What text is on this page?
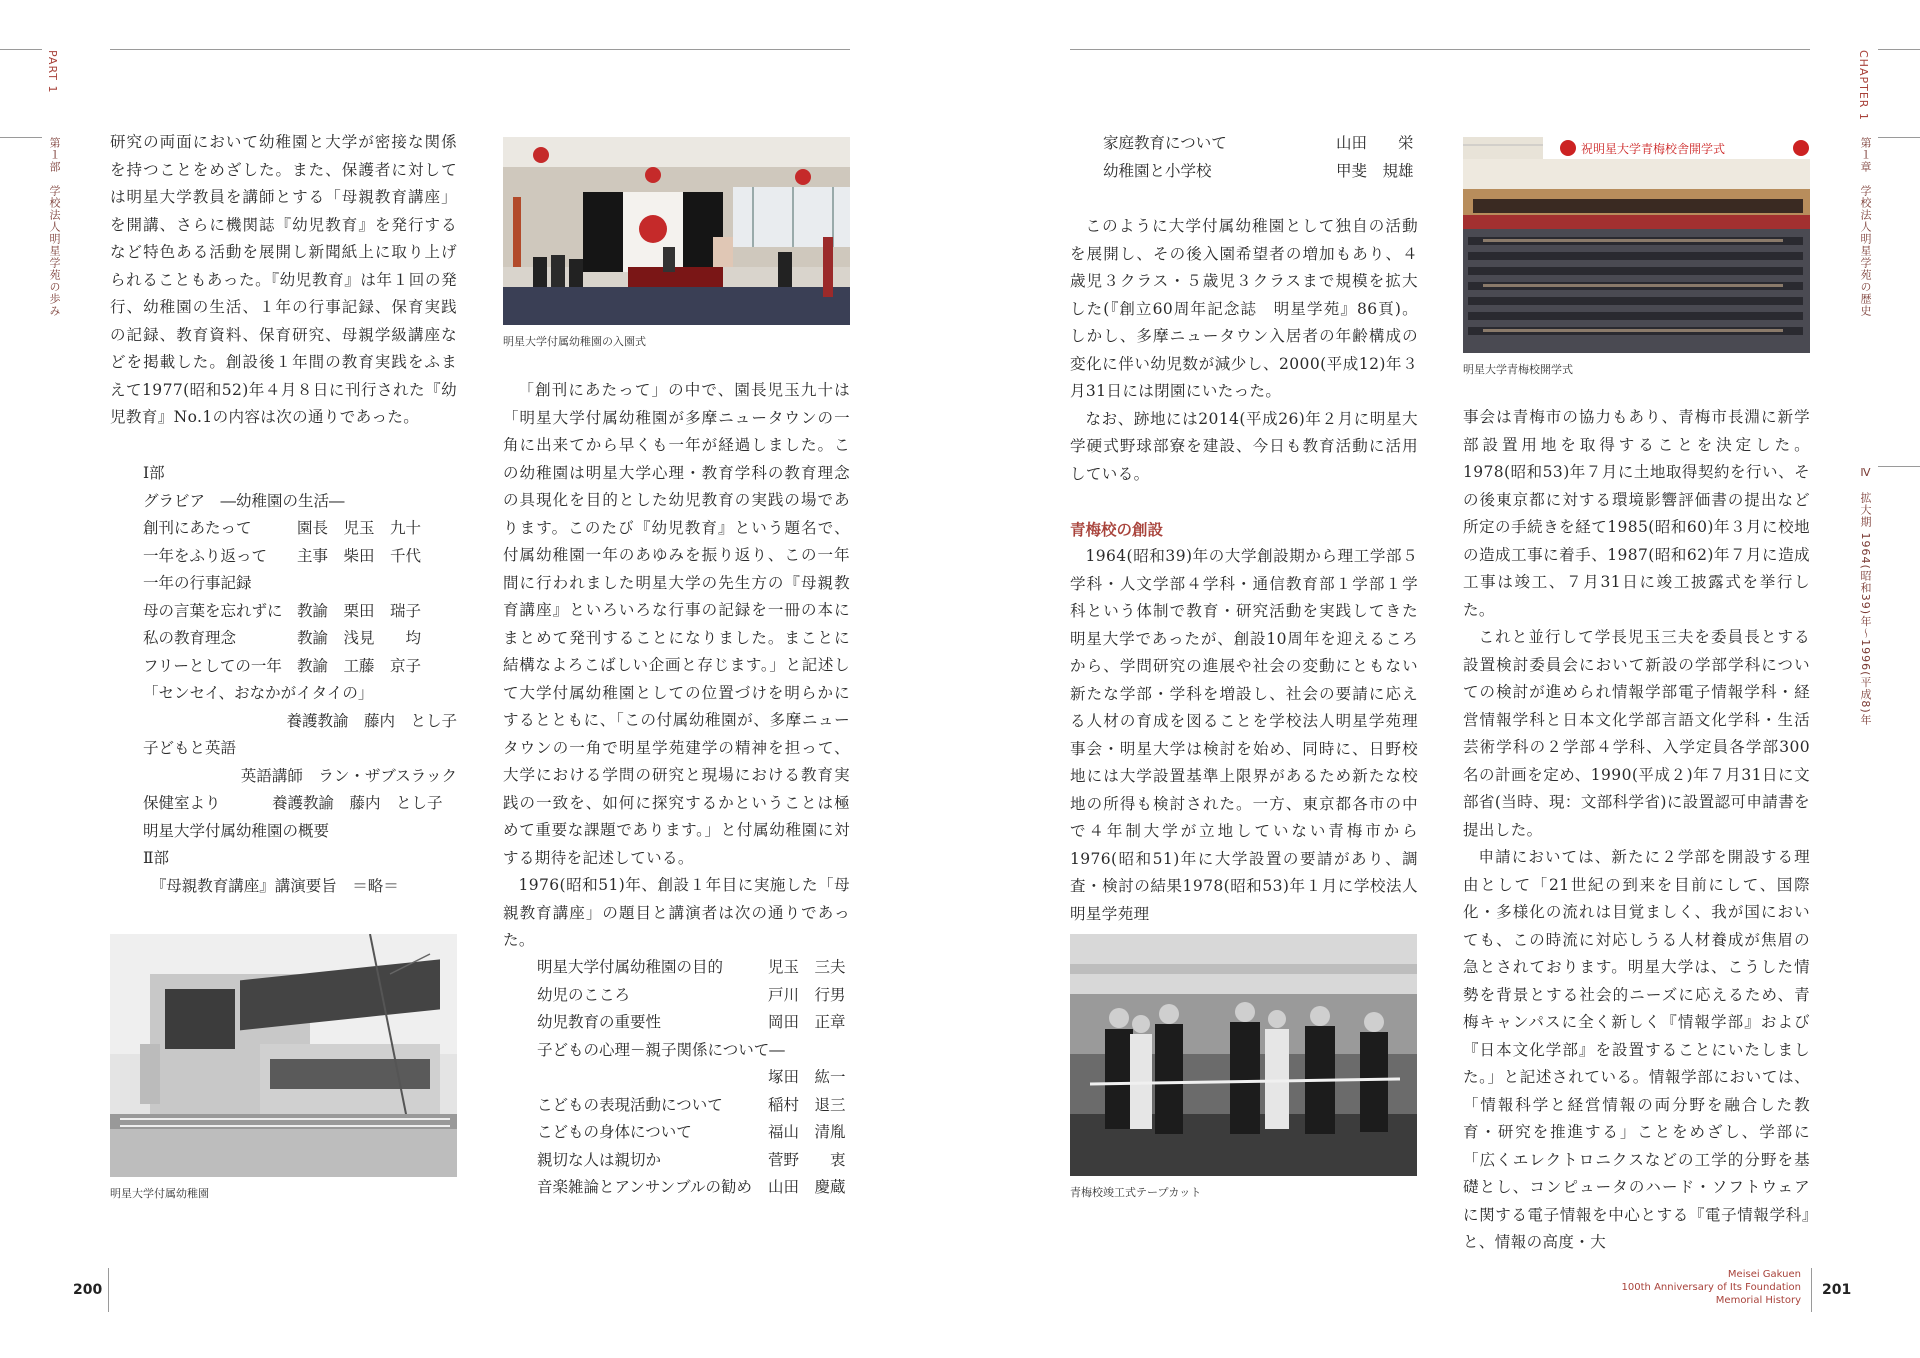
PART 1
第１部　学校法人明星学苑の歩み	研究の両面において幼稚園と大学が密接な関係を持つことをめざした。また、保護者に対しては明星大学教員を講師とする「母親教育講座」を開講、さらに機関誌『幼児教育』を発行するなど特色ある活動を展開し新聞紙上に取り上げられることもあった。『幼児教育』は年１回の発行、幼稚園の生活、１年の行事記録、保育実践の記録、教育資料、保育研究、母親学級講座などを掲載した。創設後１年間の教育実践をふまえて1977(昭和52)年４月８日に刊行された『幼児教育』No.1の内容は次の通りであった。

Ⅰ部
グラビア　―幼稚園の生活―
創刊にあたって	園長　児玉　九十
一年をふり返って	主事　柴田　千代
一年の行事記録
母の言葉を忘れずに 教諭　栗田　瑞子
私の教育理念	教諭　浅見　　均
フリーとしての一年 教諭　工藤　京子
「センセイ、おなかがイタイの」
養護教諭　藤内　とし子
子どもと英語
英語講師　ラン・ザブスラック
保健室より	養護教諭　藤内　とし子
明星大学付属幼稚園の概要
Ⅱ部
　『母親教育講座』講演要旨　＝略＝
明星大学付属幼稚園の入園式

「創刊にあたって」の中で、園長児玉九十は「明星大学付属幼稚園が多摩ニュータウンの一角に出来てから早くも一年が経過しました。この幼稚園は明星大学心理・教育学科の教育理念の具現化を目的とした幼児教育の実践の場であります。このたび『幼児教育』という題名で、付属幼稚園一年のあゆみを振り返り、この一年間に行われました明星大学の先生方の『母親教育講座』といろいろな行事の記録を一冊の本にまとめて発刊することになりました。まことに結構なよろこばしい企画と存じます。」と記述して大学付属幼稚園としての位置づけを明らかにするとともに、「この付属幼稚園が、多摩ニュータウンの一角で明星学苑建学の精神を担って、大学における学問の研究と現場における教育実践の一致を、如何に探究するかということは極めて重要な課題であります。」と付属幼稚園に対する期待を記述している。

1976(昭和51)年、創設１年目に実施した「母親教育講座」の題目と講演者は次の通りであった。

明星大学付属幼稚園
明星大学付属幼稚園の目的	児玉　三夫
幼児のこころ	戸川　行男
幼児教育の重要性	岡田　正章
子どもの心理－親子関係について―
塚田　紘一
こどもの表現活動について	稲村　退三
こどもの身体について	福山　清胤
親切な人は親切か	菅野　　衷
音楽雑論とアンサンブルの勧め	山田　慶蔵
200
CHAPTER 1
第１章　学校法人明星学苑の歴史
Ⅳ　拡大期 1964(昭和39)年～1996(平成8)年
家庭教育について	山田　　栄
幼稚園と小学校	甲斐　規雄

このように大学付属幼稚園として独自の活動を展開し、その後入園希望者の増加もあり、４歳児３クラス・５歳児３クラスまで規模を拡大した(『創立60周年記念誌　明星学苑』86頁)。しかし、多摩ニュータウン入居者の年齢構成の変化に伴い幼児数が減少し、2000(平成12)年３月31日には閉園にいたった。

なお、跡地には2014(平成26)年２月に明星大学硬式野球部寮を建設、今日も教育活動に活用している。

青梅校の創設

1964(昭和39)年の大学創設期から理工学部５学科・人文学部４学科・通信教育部１学部１学科という体制で教育・研究活動を実践してきた明星大学であったが、創設10周年を迎えるころから、学問研究の進展や社会の変動にともない新たな学部・学科を増設し、社会の要請に応える人材の育成を図ることを学校法人明星学苑理事会・明星大学は検討を始め、同時に、日野校地には大学設置基準上限界があるため新たな校地の所得も検討された。一方、東京都各市の中で４年制大学が立地していない青梅市から1976(昭和51)年に大学設置の要請があり、調査・検討の結果1978(昭和53)年１月に学校法人明星学苑理

祝明星大学青梅校舎開学式
明星大学青梅校開学式

事会は青梅市の協力もあり、青梅市長淵に新学部設置用地を取得することを決定した。1978(昭和53)年７月に土地取得契約を行い、その後東京都に対する環境影響評価書の提出など所定の手続きを経て1985(昭和60)年３月に校地の造成工事に着手、1987(昭和62)年７月に造成工事は竣工、７月31日に竣工披露式を挙行した。

これと並行して学長児玉三夫を委員長とする設置検討委員会において新設の学部学科についての検討が進められ情報学部電子情報学科・経営情報学科と日本文化学部言語文化学科・生活芸術学科の２学部４学科、入学定員各学部300名の計画を定め、1990(平成２)年７月31日に文部省(当時、現：文部科学省)に設置認可申請書を提出した。

申請においては、新たに２学部を開設する理由として「21世紀の到来を目前にして、国際化・多様化の流れは目覚ましく、我が国においても、この時流に対応しうる人材養成が焦眉の急とされております。明星大学は、こうした情勢を背景とする社会的ニーズに応えるため、青梅キャンパスに全く新しく『情報学部』および『日本文化学部』を設置することにいたしました。」と記述されている。情報学部においては、「情報科学と経営情報の両分野を融合した教育・研究を推進する」ことをめざし、学部に「広くエレクトロニクスなどの工学的分野を基礎とし、コンピュータのハード・ソフトウェアに関する電子情報を中心とする『電子情報学科』と、情報の高度・大

青梅校竣工式テープカット
Meisei Gakuen
100th Anniversary of Its Foundation
Memorial History
201
